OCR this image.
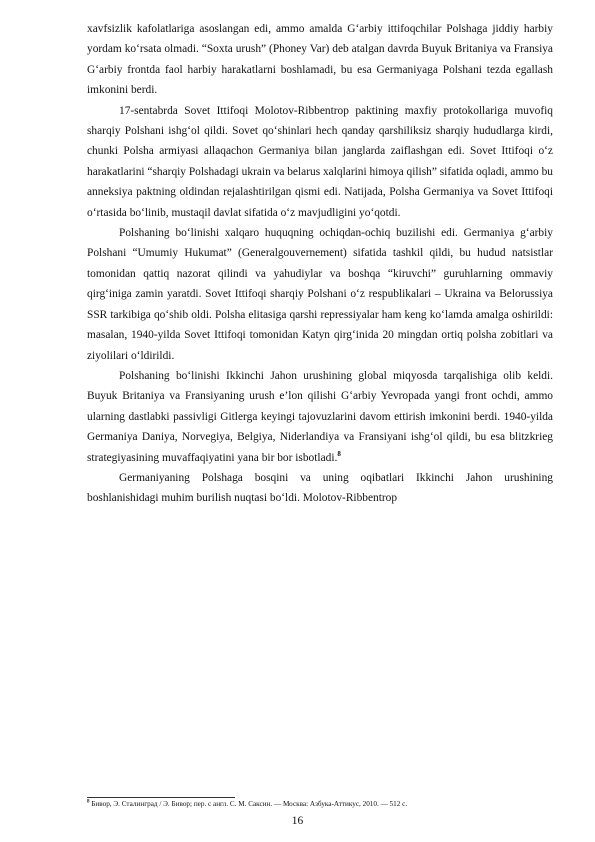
xavfsizlik kafolatlariga asoslangan edi, ammo amalda G‘arbiy ittifoqchilar Polshaga jiddiy harbiy yordam ko‘rsata olmadi. “Soxta urush” (Phoney Var) deb atalgan davrda Buyuk Britaniya va Fransiya G‘arbiy frontda faol harbiy harakatlarni boshlamadi, bu esa Germaniyaga Polshani tezda egallash imkonini berdi.

17-sentabrda Sovet Ittifoqi Molotov-Ribbentrop paktining maxfiy protokollariga muvofiq sharqiy Polshani ishg‘ol qildi. Sovet qo‘shinlari hech qanday qarshiliksiz sharqiy hududlarga kirdi, chunki Polsha armiyasi allaqachon Germaniya bilan janglarda zaiflashgan edi. Sovet Ittifoqi o‘z harakatlarini “sharqiy Polshadagi ukrain va belarus xalqlarini himoya qilish” sifatida oqladi, ammo bu anneksiya paktning oldindan rejalashtirilgan qismi edi. Natijada, Polsha Germaniya va Sovet Ittifoqi o‘rtasida bo‘linib, mustaqil davlat sifatida o‘z mavjudligini yo‘qotdi.

Polshaning bo‘linishi xalqaro huquqning ochiqdan-ochiq buzilishi edi. Germaniya g‘arbiy Polshani “Umumiy Hukumat” (Generalgouvernement) sifatida tashkil qildi, bu hudud natsistlar tomonidan qattiq nazorat qilindi va yahudiylar va boshqa “kiruvchi” guruhlarning ommaviy qirg‘iniga zamin yaratdi. Sovet Ittifoqi sharqiy Polshani o‘z respublikalari – Ukraina va Belorussiya SSR tarkibiga qo‘shib oldi. Polsha elitasiga qarshi repressiyalar ham keng ko‘lamda amalga oshirildi: masalan, 1940-yilda Sovet Ittifoqi tomonidan Katyn qirg‘inida 20 mingdan ortiq polsha zobitlari va ziyolilari o‘ldirildi.

Polshaning bo‘linishi Ikkinchi Jahon urushining global miqyosda tarqalishiga olib keldi. Buyuk Britaniya va Fransiyaning urush e’lon qilishi G‘arbiy Yevropada yangi front ochdi, ammo ularning dastlabki passivligi Gitlerga keyingi tajovuzlarini davom ettirish imkonini berdi. 1940-yilda Germaniya Daniya, Norvegiya, Belgiya, Niderlandiya va Fransiyani ishg‘ol qildi, bu esa blitzkrieg strategiyasining muvaffaqiyatini yana bir bor isbotladi.$^8$

Germaniyaning Polshaga bosqini va uning oqibatlari Ikkinchi Jahon urushining boshlanishidagi muhim burilish nuqtasi bo‘ldi. Molotov-Ribbentrop

$^8$ Бивор, Э. Сталинград / Э. Бивор; пер. с англ. С. М. Саксин. — Москва: Азбука-Аттикус, 2010. — 512 с.
16
